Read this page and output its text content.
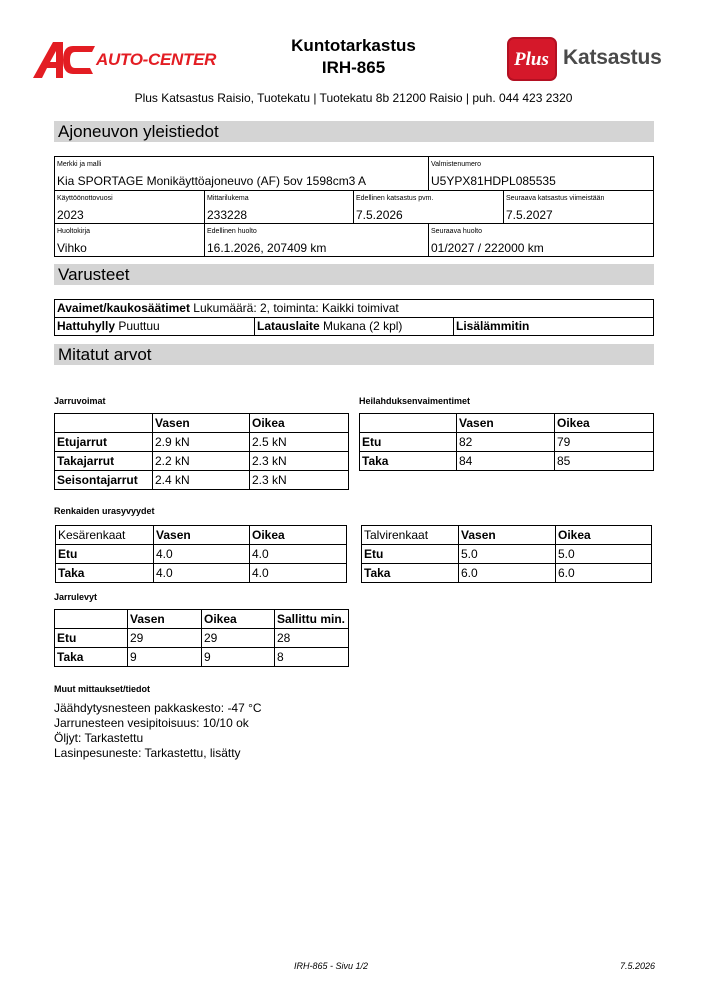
AUTO-CENTER
Kuntotarkastus
IRH-865	Plus Katsastus
Plus Katsastus Raisio, Tuotekatu | Tuotekatu 8b 21200 Raisio | puh. 044 423 2320
Ajoneuvon yleistiedot
Merkki ja malli
Kia SPORTAGE Monikäyttöajoneuvo (AF) 5ov 1598cm3 A
Valmistenumero
U5YPX81HDPL085535
Käyttöönottovuosi
2023
Mittarilukema
233228
Edellinen katsastus pvm.
7.5.2026
Seuraava katsastus viimeistään
7.5.2027
Huoltokirja
Vihko
Edellinen huolto
16.1.2026, 207409 km
Seuraava huolto
01/2027 / 222000 km
Varusteet
Avaimet/kaukosäätimet Lukumäärä: 2, toiminta: Kaikki toimivat
Hattuhylly Puuttuu	Latauslaite Mukana (2 kpl)	Lisälämmitin
Mitatut arvot
Jarruvoimat	Heilahduksenvaimentimet
	Vasen	Oikea
Etujarrut	2.9 kN	2.5 kN
Takajarrut	2.2 kN	2.3 kN
Seisontajarrut	2.4 kN	2.3 kN
	Vasen	Oikea
Etu	82	79
Taka	84	85
Renkaiden urasyvyydet
Kesärenkaat	Vasen	Oikea
Etu	4.0	4.0
Taka	4.0	4.0
Talvirenkaat	Vasen	Oikea
Etu	5.0	5.0
Taka	6.0	6.0
Jarrulevyt
	Vasen	Oikea	Sallittu min.
Etu	29	29	28
Taka	9	9	8
Muut mittaukset/tiedot
Jäähdytysnesteen pakkaskesto: -47 °C
Jarrunesteen vesipitoisuus: 10/10 ok
Öljyt: Tarkastettu
Lasinpesuneste: Tarkastettu, lisätty
IRH-865 - Sivu 1/2	7.5.2026
